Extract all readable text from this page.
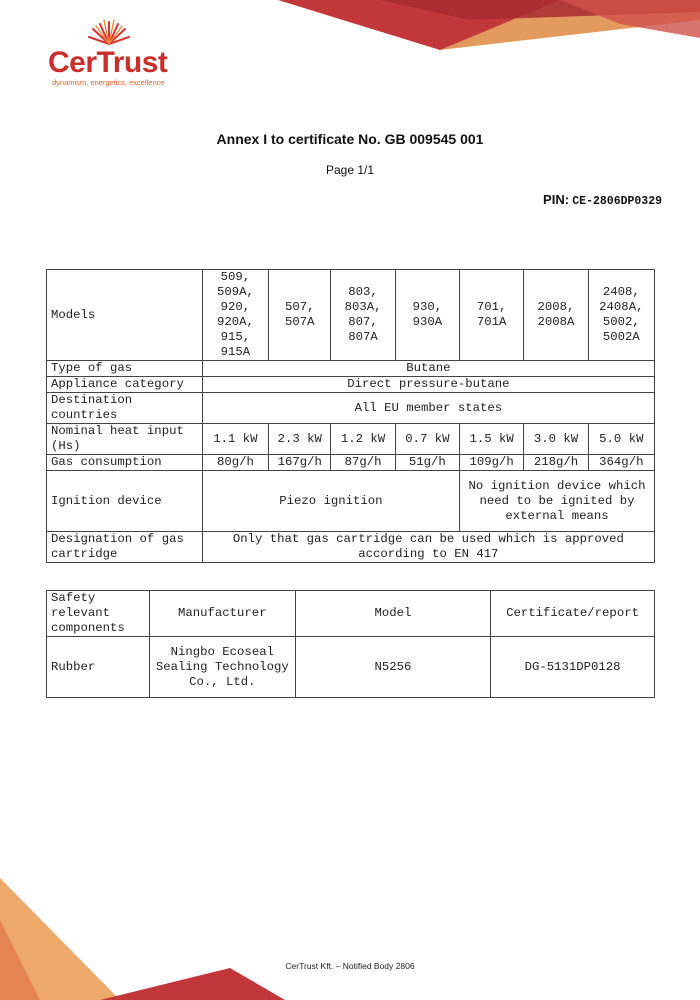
CerTrust
dynamism, energetics, excellence
Annex I to certificate No. GB 009545 001
Page 1/1
PIN: CE-2806DP0329
Models	509, 509A, 920, 920A, 915, 915A	507, 507A	803, 803A, 807, 807A	930, 930A	701, 701A	2008, 2008A	2408, 2408A, 5002, 5002A
Type of gas	Butane						
Appliance category	Direct pressure-butane						
Destination countries	All EU member states						
Nominal heat input (Hs)	1.1 kW	2.3 kW	1.2 kW	0.7 kW	1.5 kW	3.0 kW	5.0 kW
Gas consumption	80g/h	167g/h	87g/h	51g/h	109g/h	218g/h	364g/h
Ignition device	Piezo ignition				No ignition device which need to be ignited by external means		
Designation of gas cartridge	Only that gas cartridge can be used which is approved according to EN 417						
Safety relevant components	Manufacturer	Model	Certificate/report
Rubber	Ningbo Ecoseal Sealing Technology Co., Ltd.	N5256	DG-5131DP0128
CerTrust Kft. – Notified Body 2806
